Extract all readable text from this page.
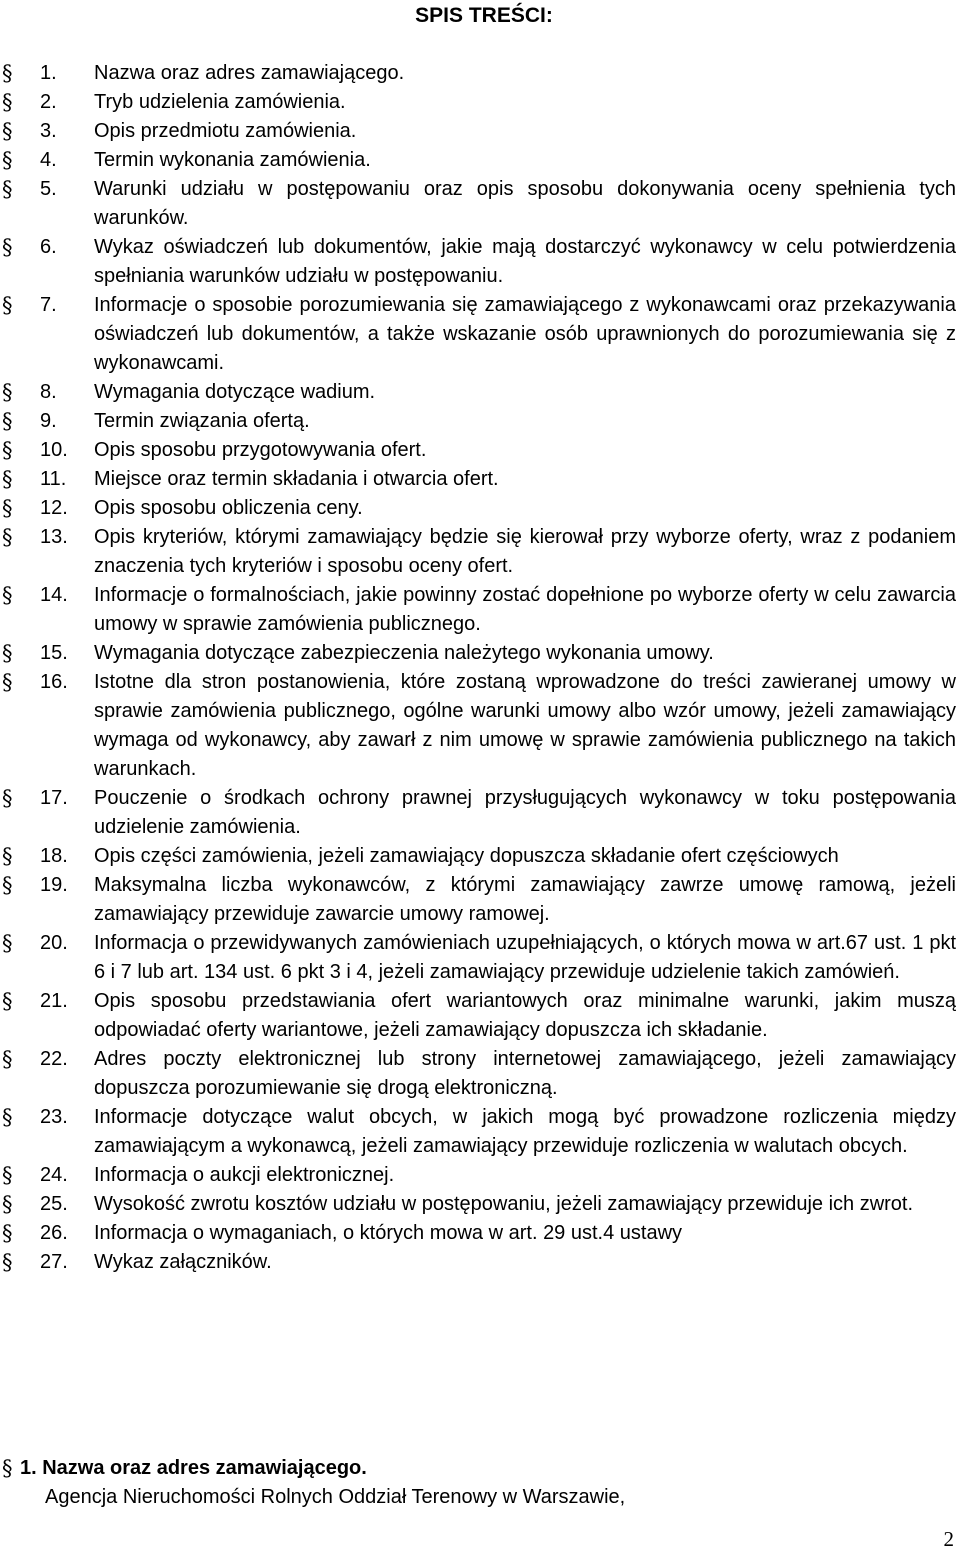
SPIS TREŚCI:
§	1.	Nazwa oraz adres zamawiającego.
§	2.	Tryb udzielenia zamówienia.
§	3.	Opis przedmiotu zamówienia.
§	4.	Termin wykonania zamówienia.
§	5.	Warunki udziału w postępowaniu oraz opis sposobu dokonywania oceny spełnienia tych warunków.
§	6.	Wykaz oświadczeń lub dokumentów, jakie mają dostarczyć wykonawcy w celu potwierdzenia spełniania warunków udziału w postępowaniu.
§	7.	Informacje o sposobie porozumiewania się zamawiającego z wykonawcami oraz przekazywania oświadczeń lub dokumentów, a także wskazanie osób uprawnionych do porozumiewania się z wykonawcami.
§	8.	Wymagania dotyczące wadium.
§	9.	Termin związania ofertą.
§	10.	Opis sposobu przygotowywania ofert.
§	11.	Miejsce oraz termin składania i otwarcia ofert.
§	12.	Opis sposobu obliczenia ceny.
§	13.	Opis kryteriów, którymi zamawiający będzie się kierował przy wyborze oferty, wraz z podaniem znaczenia tych kryteriów i sposobu oceny ofert.
§	14.	Informacje o formalnościach, jakie powinny zostać dopełnione po wyborze oferty w celu zawarcia umowy w sprawie zamówienia publicznego.
§	15.	Wymagania dotyczące zabezpieczenia należytego wykonania umowy.
§	16.	Istotne dla stron postanowienia, które zostaną wprowadzone do treści zawieranej umowy w sprawie zamówienia publicznego, ogólne warunki umowy albo wzór umowy, jeżeli zamawiający wymaga od wykonawcy, aby zawarł z nim umowę w sprawie zamówienia publicznego na takich warunkach.
§	17.	Pouczenie o środkach ochrony prawnej przysługujących wykonawcy w toku postępowania udzielenie zamówienia.
§	18.	Opis części zamówienia, jeżeli zamawiający dopuszcza składanie ofert częściowych
§	19.	Maksymalna liczba wykonawców, z którymi zamawiający zawrze umowę ramową, jeżeli zamawiający przewiduje zawarcie umowy ramowej.
§	20.	Informacja o przewidywanych zamówieniach uzupełniających, o których mowa w art.67 ust. 1 pkt 6 i 7 lub art. 134 ust. 6 pkt 3 i 4, jeżeli zamawiający przewiduje udzielenie takich zamówień.
§	21.	Opis sposobu przedstawiania ofert wariantowych oraz minimalne warunki, jakim muszą odpowiadać oferty wariantowe, jeżeli zamawiający dopuszcza ich składanie.
§	22.	Adres poczty elektronicznej lub strony internetowej zamawiającego, jeżeli zamawiający dopuszcza porozumiewanie się drogą elektroniczną.
§	23.	Informacje dotyczące walut obcych, w jakich mogą być prowadzone rozliczenia między zamawiającym a wykonawcą, jeżeli zamawiający przewiduje rozliczenia w walutach obcych.
§	24.	Informacja o aukcji elektronicznej.
§	25.	Wysokość zwrotu kosztów udziału w postępowaniu, jeżeli zamawiający przewiduje ich zwrot.
§	26.	Informacja o wymaganiach, o których mowa w art. 29 ust.4 ustawy
§	27.	Wykaz załączników.
§ 1. Nazwa oraz adres zamawiającego.
Agencja Nieruchomości Rolnych Oddział Terenowy w Warszawie,
2
